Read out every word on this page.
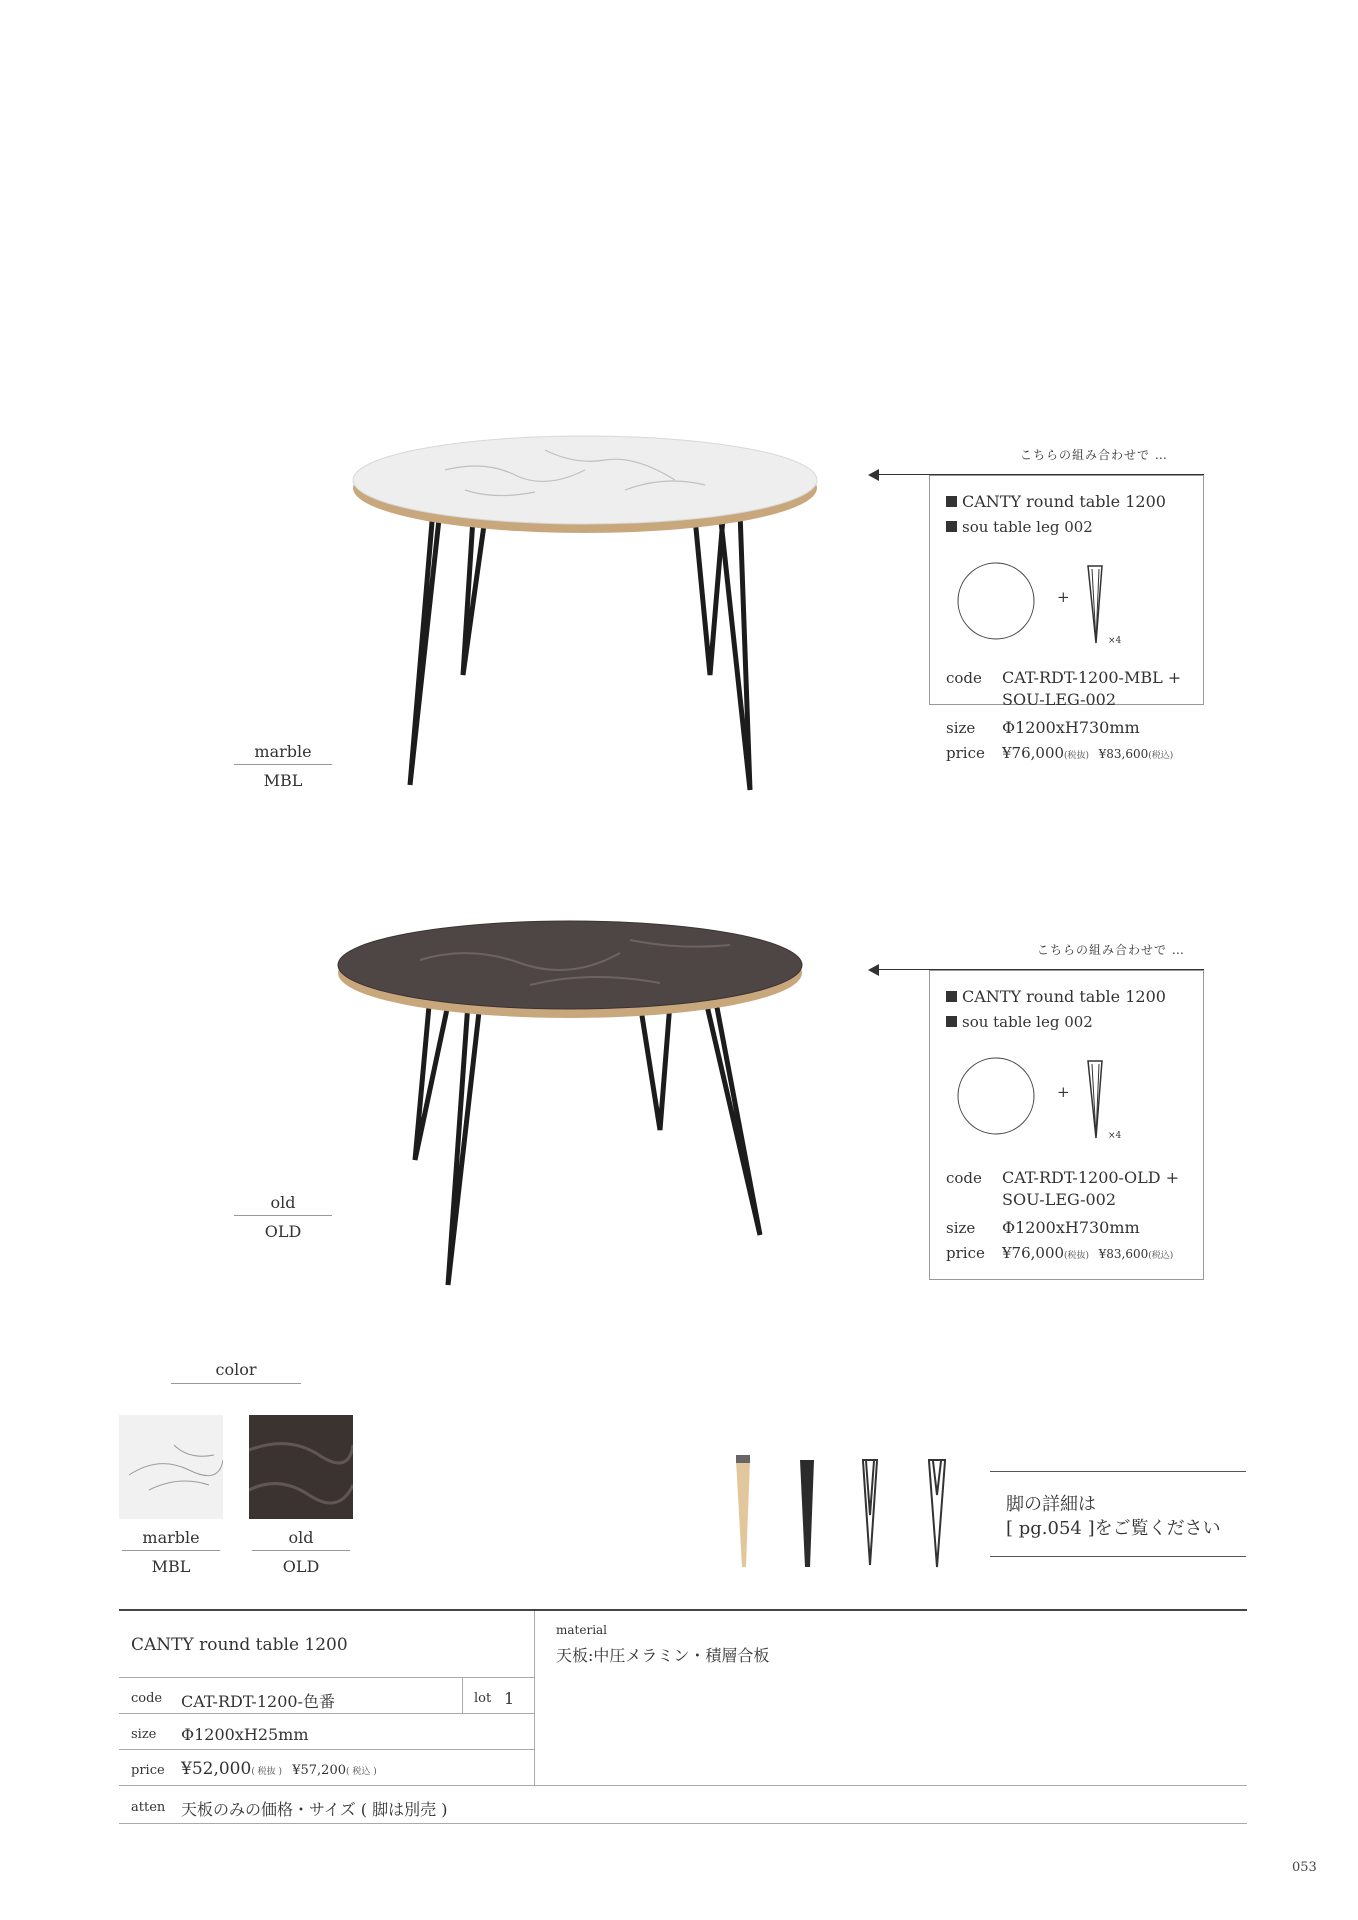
marble
MBL
こちらの組み合わせで …
CANTY round table 1200
sou table leg 002
+
×4
code CAT-RDT-1200-MBL +
SOU-LEG-002
size Φ1200xH730mm
price ¥76,000(税抜) ¥83,600(税込)
old
OLD
こちらの組み合わせで …
CANTY round table 1200
sou table leg 002
+
×4
code CAT-RDT-1200-OLD +
SOU-LEG-002
size Φ1200xH730mm
price ¥76,000(税抜) ¥83,600(税込)
color
marble
MBL
old
OLD
脚の詳細は
[ pg.054 ]をご覧ください
CANTY round table 1200
code CAT-RDT-1200-色番	lot 1
size Φ1200xH25mm
price ¥52,000( 税抜 ) ¥57,200( 税込 )
atten 天板のみの価格・サイズ ( 脚は別売 )
material
天板:中圧メラミン・積層合板
053
